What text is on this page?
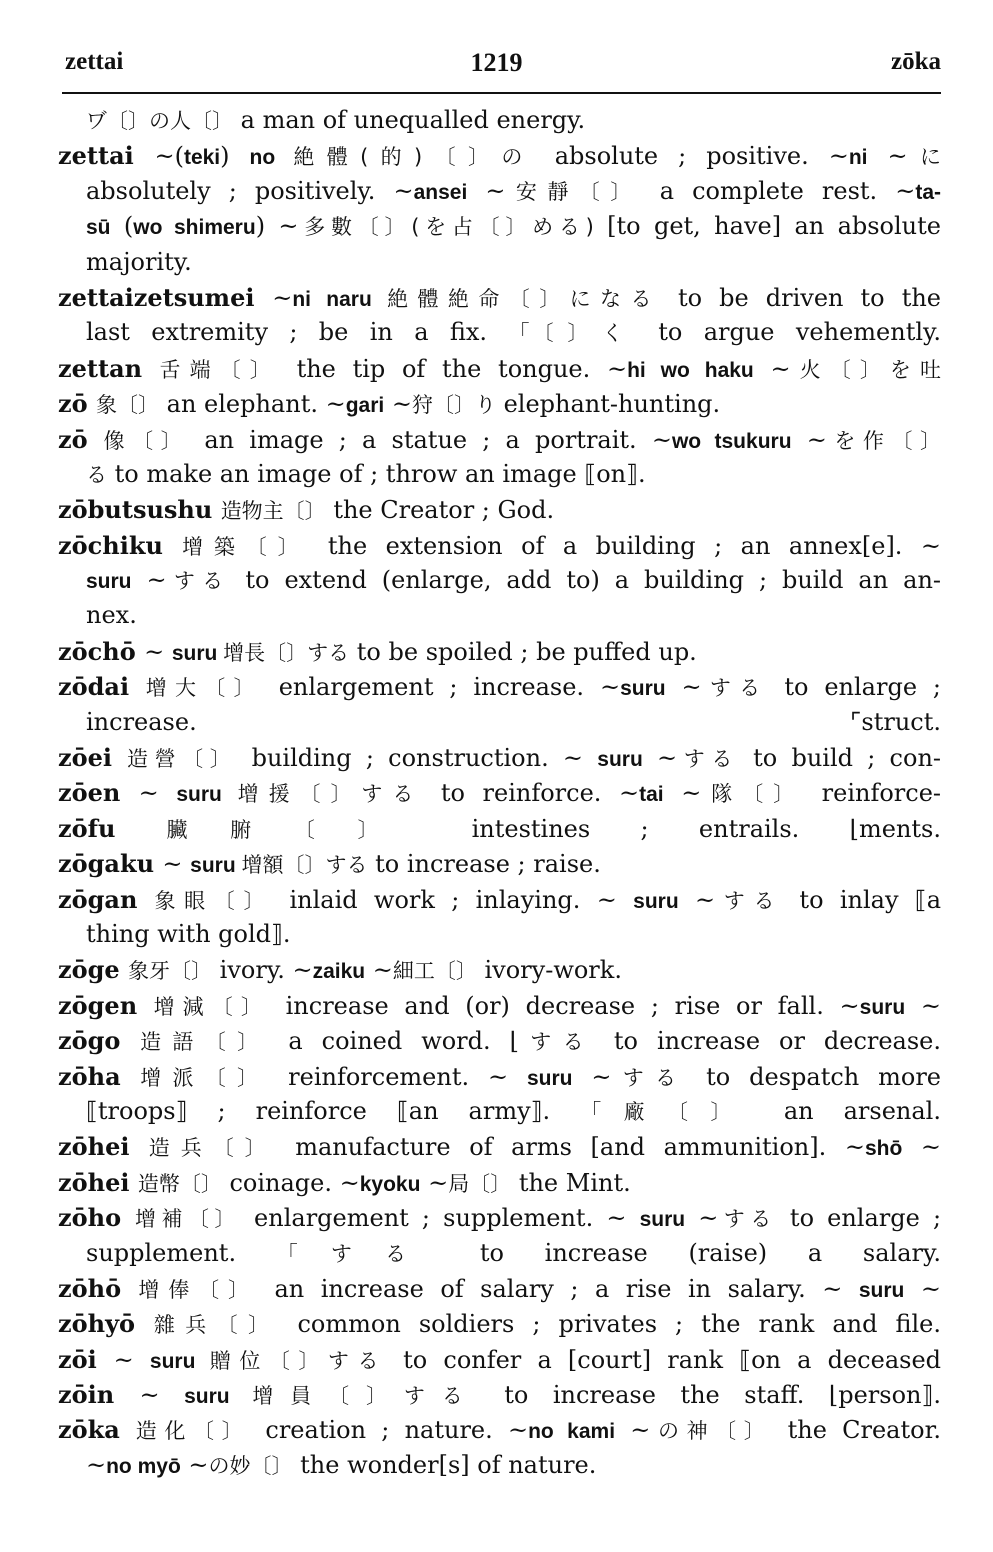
zettai	1219	zōka
ヷ〔〕の人〔〕 a man of unequalled energy.
zettai ~(teki) no 絶體(的)〔〕の absolute ; positive. ~ni ~に
absolutely ; positively. ~ansei ~安靜〔〕 a complete rest. ~ta-
sū (wo shimeru) ~多數〔〕(を占〔〕める) [to get, have] an absolute
majority.
zettaizetsumei ~ni naru 絶體絶命〔〕になる to be driven to the
last extremity ; be in a fix. 「〔〕く to argue vehemently.
zettan 舌端〔〕 the tip of the tongue. ~hi wo haku ~火〔〕を吐
zō 象〔〕 an elephant. ~gari ~狩〔〕り elephant-hunting.
zō 像〔〕 an image ; a statue ; a portrait. ~wo tsukuru ~を作〔〕
る to make an image of ; throw an image ⟦on⟧.
zōbutsushu 造物主〔〕 the Creator ; God.
zōchiku 增築〔〕 the extension of a building ; an annex[e]. ~
suru ~する to extend (enlarge, add to) a building ; build an an-
nex.
zōchō ~ suru 增長〔〕する to be spoiled ; be puffed up.
zōdai 增大〔〕 enlargement ; increase. ~suru ~する to enlarge ;
increase. ⌜struct.
zōei 造營〔〕 building ; construction. ~ suru ~する to build ; con-
zōen ~ suru 增援〔〕する to reinforce. ~tai ~隊〔〕 reinforce-
zōfu 臟腑〔〕 intestines ; entrails. ⌊ments.
zōgaku ~ suru 增額〔〕する to increase ; raise.
zōgan 象眼〔〕 inlaid work ; inlaying. ~ suru ~する to inlay ⟦a
thing with gold⟧.
zōge 象牙〔〕 ivory. ~zaiku ~細工〔〕 ivory-work.
zōgen 增減〔〕 increase and (or) decrease ; rise or fall. ~suru ~
zōgo 造語〔〕 a coined word. ⌊する to increase or decrease.
zōha 增派〔〕 reinforcement. ~ suru ~する to despatch more
⟦troops⟧ ; reinforce ⟦an army⟧. 「廠〔〕 an arsenal.
zōhei 造兵〔〕 manufacture of arms [and ammunition]. ~shō ~
zōhei 造幣〔〕 coinage. ~kyoku ~局〔〕 the Mint.
zōho 增補〔〕 enlargement ; supplement. ~ suru ~する to enlarge ;
supplement. 「する to increase (raise) a salary.
zōhō 增俸〔〕 an increase of salary ; a rise in salary. ~ suru ~
zōhyō 雜兵〔〕 common soldiers ; privates ; the rank and file.
zōi ~ suru 贈位〔〕する to confer a [court] rank ⟦on a deceased
zōin ~ suru 增員〔〕する to increase the staff. ⌊person⟧.
zōka 造化〔〕 creation ; nature. ~no kami ~の神〔〕 the Creator.
~no myō ~の妙〔〕 the wonder[s] of nature.
